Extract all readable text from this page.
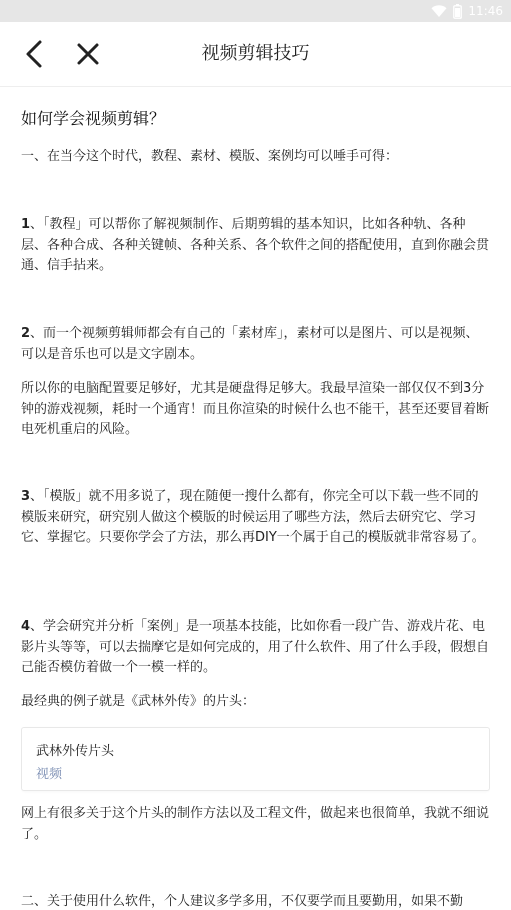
11:46
视频剪辑技巧
如何学会视频剪辑？

一、在当今这个时代，教程、素材、模版、案例均可以唾手可得：

1、「教程」可以帮你了解视频制作、后期剪辑的基本知识，比如各种轨、各种层、各种合成、各种关键帧、各种关系、各个软件之间的搭配使用，直到你融会贯通、信手拈来。

2、而一个视频剪辑师都会有自己的「素材库」，素材可以是图片、可以是视频、可以是音乐也可以是文字剧本。

所以你的电脑配置要足够好，尤其是硬盘得足够大。我最早渲染一部仅仅不到3分钟的游戏视频，耗时一个通宵！而且你渲染的时候什么也不能干，甚至还要冒着断电死机重启的风险。

3、「模版」就不用多说了，现在随便一搜什么都有，你完全可以下载一些不同的模版来研究，研究别人做这个模版的时候运用了哪些方法，然后去研究它、学习它、掌握它。只要你学会了方法，那么再DIY一个属于自己的模版就非常容易了。

4、学会研究并分析「案例」是一项基本技能，比如你看一段广告、游戏片花、电影片头等等，可以去揣摩它是如何完成的，用了什么软件、用了什么手段，假想自己能否模仿着做一个一模一样的。

最经典的例子就是《武林外传》的片头：

武林外传片头
视频

网上有很多关于这个片头的制作方法以及工程文件，做起来也很简单，我就不细说了。

二、关于使用什么软件，个人建议多学多用，不仅要学而且要勤用，如果不勤
